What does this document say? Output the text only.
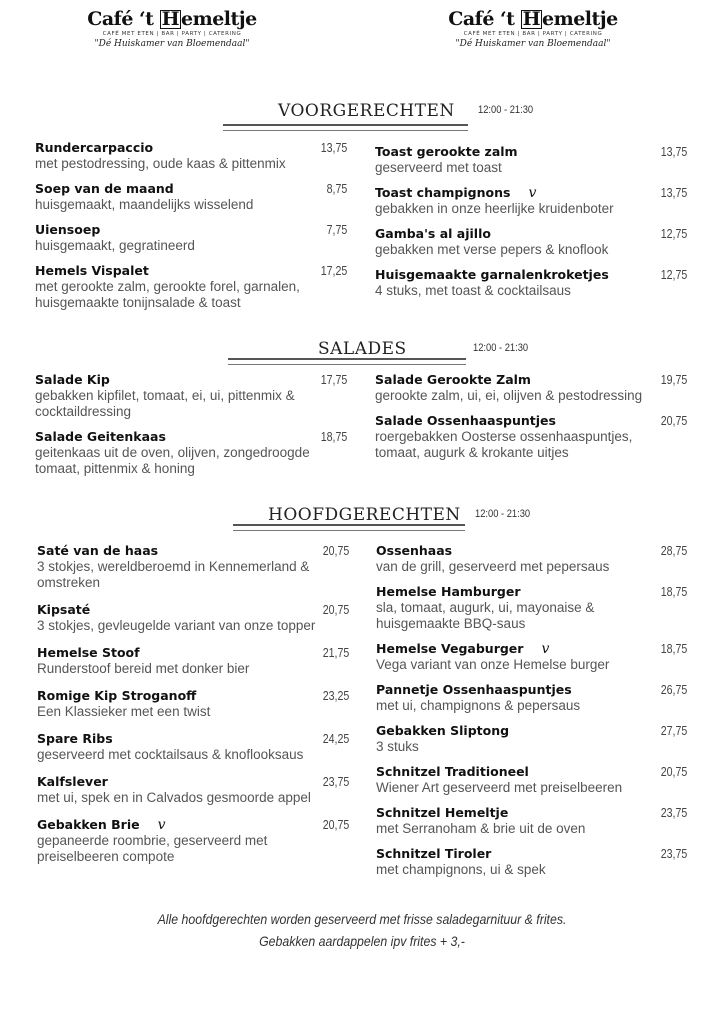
Café ‘t H emeltje
CAFÉ MET ETEN | BAR | PARTY | CATERING
"Dé Huiskamer van Bloemendaal"
Café ‘t H emeltje
CAFÉ MET ETEN | BAR | PARTY | CATERING
"Dé Huiskamer van Bloemendaal"
VOORGERECHTEN 12:00 - 21:30
SALADES	12:00 - 21:30
HOOFDGERECHTEN 12:00 - 21:30
Rundercarpaccio	13,75
met pestodressing, oude kaas & pittenmix
Soep van de maand	8,75
huisgemaakt, maandelijks wisselend
Uiensoep	7,75
huisgemaakt, gegratineerd
Hemels Vispalet	17,25
met gerookte zalm, gerookte forel, garnalen, huisgemaakte tonijnsalade & toast
Toast gerookte zalm	13,75
geserveerd met toast
Toast champignons v	13,75
gebakken in onze heerlijke kruidenboter
Gamba's al ajillo	12,75
gebakken met verse pepers & knoflook
Huisgemaakte garnalenkroketjes	12,75
4 stuks, met toast & cocktailsaus
Salade Kip	17,75
gebakken kipfilet, tomaat, ei, ui, pittenmix & cocktaildressing
Salade Geitenkaas	18,75
geitenkaas uit de oven, olijven, zongedroogde tomaat, pittenmix & honing
Salade Gerookte Zalm	19,75
gerookte zalm, ui, ei, olijven & pestodressing
Salade Ossenhaaspuntjes	20,75
roergebakken Oosterse ossenhaaspuntjes, tomaat, augurk & krokante uitjes
Saté van de haas	20,75
3 stokjes, wereldberoemd in Kennemerland & omstreken
Kipsaté	20,75
3 stokjes, gevleugelde variant van onze topper
Hemelse Stoof	21,75
Runderstoof bereid met donker bier
Romige Kip Stroganoff	23,25
Een Klassieker met een twist
Spare Ribs	24,25
geserveerd met cocktailsaus & knoflooksaus
Kalfslever	23,75
met ui, spek en in Calvados gesmoorde appel
Gebakken Brie v	20,75
gepaneerde roombrie, geserveerd met preiselbeeren compote
Ossenhaas	28,75
van de grill, geserveerd met pepersaus
Hemelse Hamburger	18,75
sla, tomaat, augurk, ui, mayonaise & huisgemaakte BBQ-saus
Hemelse Vegaburger v	18,75
Vega variant van onze Hemelse burger
Pannetje Ossenhaaspuntjes	26,75
met ui, champignons & pepersaus
Gebakken Sliptong	27,75
3 stuks
Schnitzel Traditioneel	20,75
Wiener Art geserveerd met preiselbeeren
Schnitzel Hemeltje	23,75
met Serranoham & brie uit de oven
Schnitzel Tiroler	23,75
met champignons, ui & spek
Alle hoofdgerechten worden geserveerd met frisse saladegarnituur & frites.
Gebakken aardappelen ipv frites + 3,-
